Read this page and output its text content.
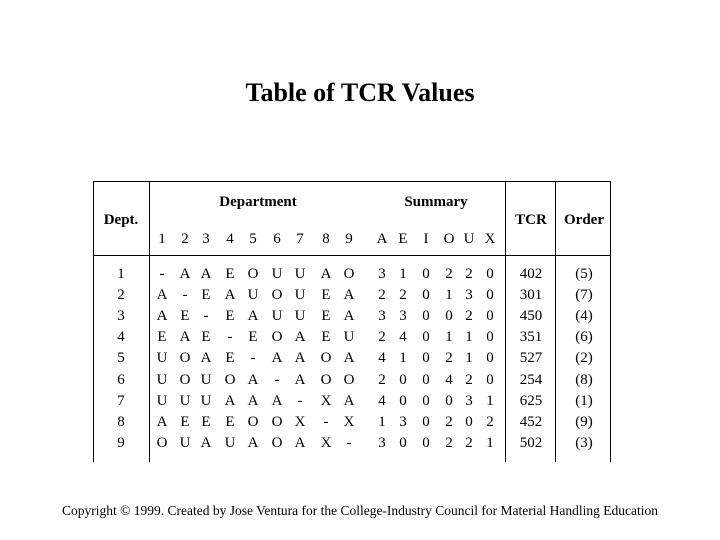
Table of TCR Values
Dept.
Department	Summary
TCR Order
1 2 3 4 5 6 7 8 9 A E I O U X
1 - A A E O U U A O 3 1 0 2 2 0 402 (5)
2 A - E A U O U E A 2 2 0 1 3 0 301 (7)
3 A E - E A U U E A 3 3 0 0 2 0 450 (4)
4 E A E - E O A E U 2 4 0 1 1 0 351 (6)
5 U O A E - A A O A 4 1 0 2 1 0 527 (2)
6 U O U O A - A O O 2 0 0 4 2 0 254 (8)
7 U U U A A A - X A 4 0 0 0 3 1 625 (1)
8 A E E E O O X - X 1 3 0 2 0 2 452 (9)
9 O U A U A O A X - 3 0 0 2 2 1 502 (3)
Copyright © 1999. Created by Jose Ventura for the College-Industry Council for Material Handling Education
